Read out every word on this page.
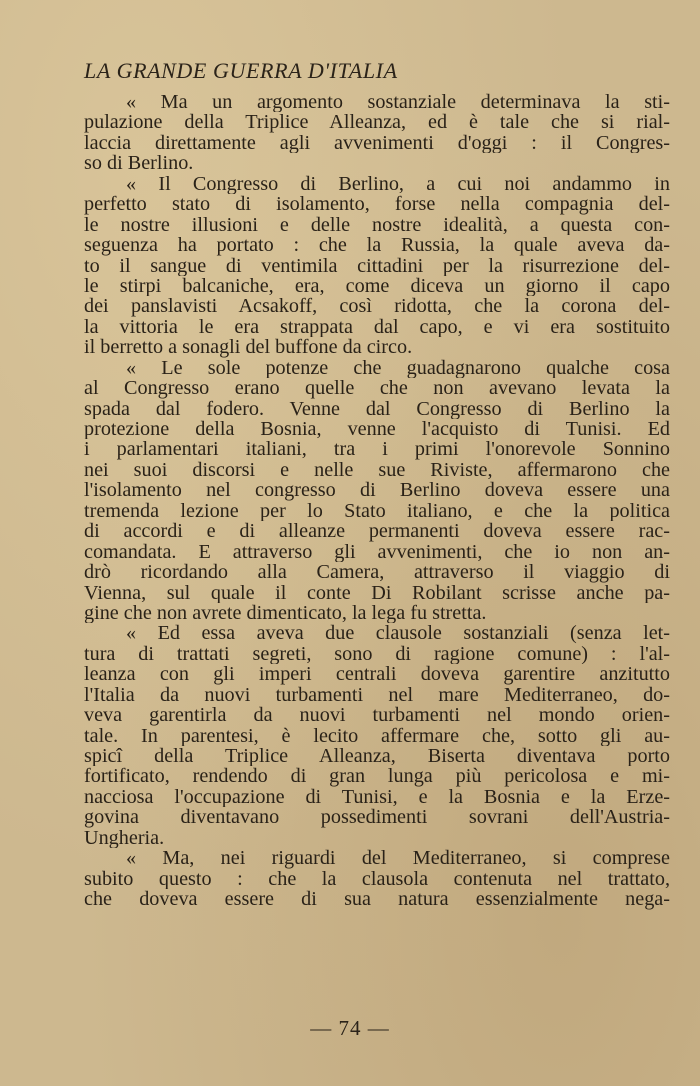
LA GRANDE GUERRA D'ITALIA
« Ma un argomento sostanziale determinava la sti-
pulazione della Triplice Alleanza, ed è tale che si rial-
laccia direttamente agli avvenimenti d'oggi : il Congres-
so di Berlino.
« Il Congresso di Berlino, a cui noi andammo in
perfetto stato di isolamento, forse nella compagnia del-
le nostre illusioni e delle nostre idealità, a questa con-
seguenza ha portato : che la Russia, la quale aveva da-
to il sangue di ventimila cittadini per la risurrezione del-
le stirpi balcaniche, era, come diceva un giorno il capo
dei panslavisti Acsakoff, così ridotta, che la corona del-
la vittoria le era strappata dal capo, e vi era sostituito
il berretto a sonagli del buffone da circo.
« Le sole potenze che guadagnarono qualche cosa
al Congresso erano quelle che non avevano levata la
spada dal fodero. Venne dal Congresso di Berlino la
protezione della Bosnia, venne l'acquisto di Tunisi. Ed
i parlamentari italiani, tra i primi l'onorevole Sonnino
nei suoi discorsi e nelle sue Riviste, affermarono che
l'isolamento nel congresso di Berlino doveva essere una
tremenda lezione per lo Stato italiano, e che la politica
di accordi e di alleanze permanenti doveva essere rac-
comandata. E attraverso gli avvenimenti, che io non an-
drò ricordando alla Camera, attraverso il viaggio di
Vienna, sul quale il conte Di Robilant scrisse anche pa-
gine che non avrete dimenticato, la lega fu stretta.
« Ed essa aveva due clausole sostanziali (senza let-
tura di trattati segreti, sono di ragione comune) : l'al-
leanza con gli imperi centrali doveva garentire anzitutto
l'Italia da nuovi turbamenti nel mare Mediterraneo, do-
veva garentirla da nuovi turbamenti nel mondo orien-
tale. In parentesi, è lecito affermare che, sotto gli au-
spicî della Triplice Alleanza, Biserta diventava porto
fortificato, rendendo di gran lunga più pericolosa e mi-
nacciosa l'occupazione di Tunisi, e la Bosnia e la Erze-
govina diventavano possedimenti sovrani dell'Austria-
Ungheria.
« Ma, nei riguardi del Mediterraneo, si comprese
subito questo : che la clausola contenuta nel trattato,
che doveva essere di sua natura essenzialmente nega-
— 74 —
